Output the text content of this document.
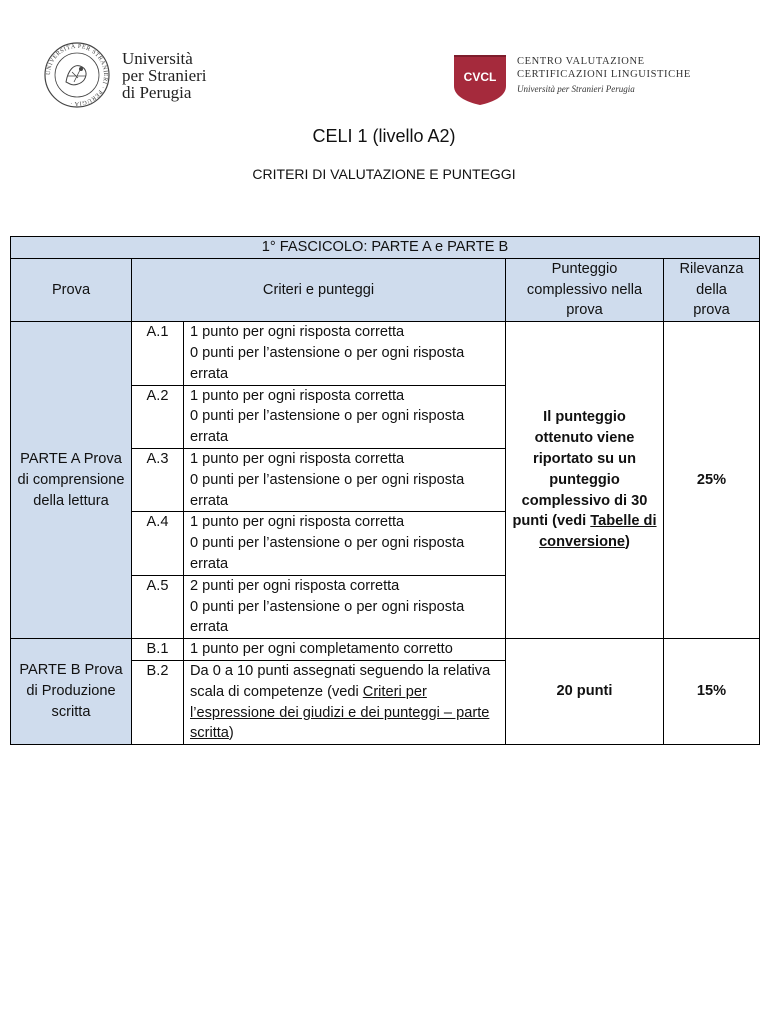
UNIVERSITÀ PER STRANIERI · PERUGIA ·
Università
per Stranieri
di Perugia
CVCL
CENTRO VALUTAZIONE
CERTIFICAZIONI LINGUISTICHE
Università per Stranieri Perugia
CELI 1 (livello A2)
CRITERI DI VALUTAZIONE E PUNTEGGI
1° FASCICOLO: PARTE A e PARTE B				
Prova	Criteri e punteggi		Punteggio complessivo nella prova	Rilevanza della prova
PARTE A Prova di comprensione della lettura	A.1	1 punto per ogni risposta corretta
0 punti per l’astensione o per ogni risposta errata	Il punteggio ottenuto viene riportato su un punteggio complessivo di 30 punti (vedi Tabelle di conversione)	25%
	A.2	1 punto per ogni risposta corretta
0 punti per l’astensione o per ogni risposta errata		

	A.3	1 punto per ogni risposta corretta
0 punti per l’astensione o per ogni risposta errata		

	A.4	1 punto per ogni risposta corretta
0 punti per l’astensione o per ogni risposta errata		

	A.5	2 punti per ogni risposta corretta
0 punti per l’astensione o per ogni risposta errata		

PARTE B Prova di Produzione scritta	B.1	1 punto per ogni completamento corretto	20 punti	15%
	B.2	Da 0 a 10 punti assegnati seguendo la relativa scala di competenze (vedi Criteri per l’espressione dei giudizi e dei punteggi – parte scritta)		
